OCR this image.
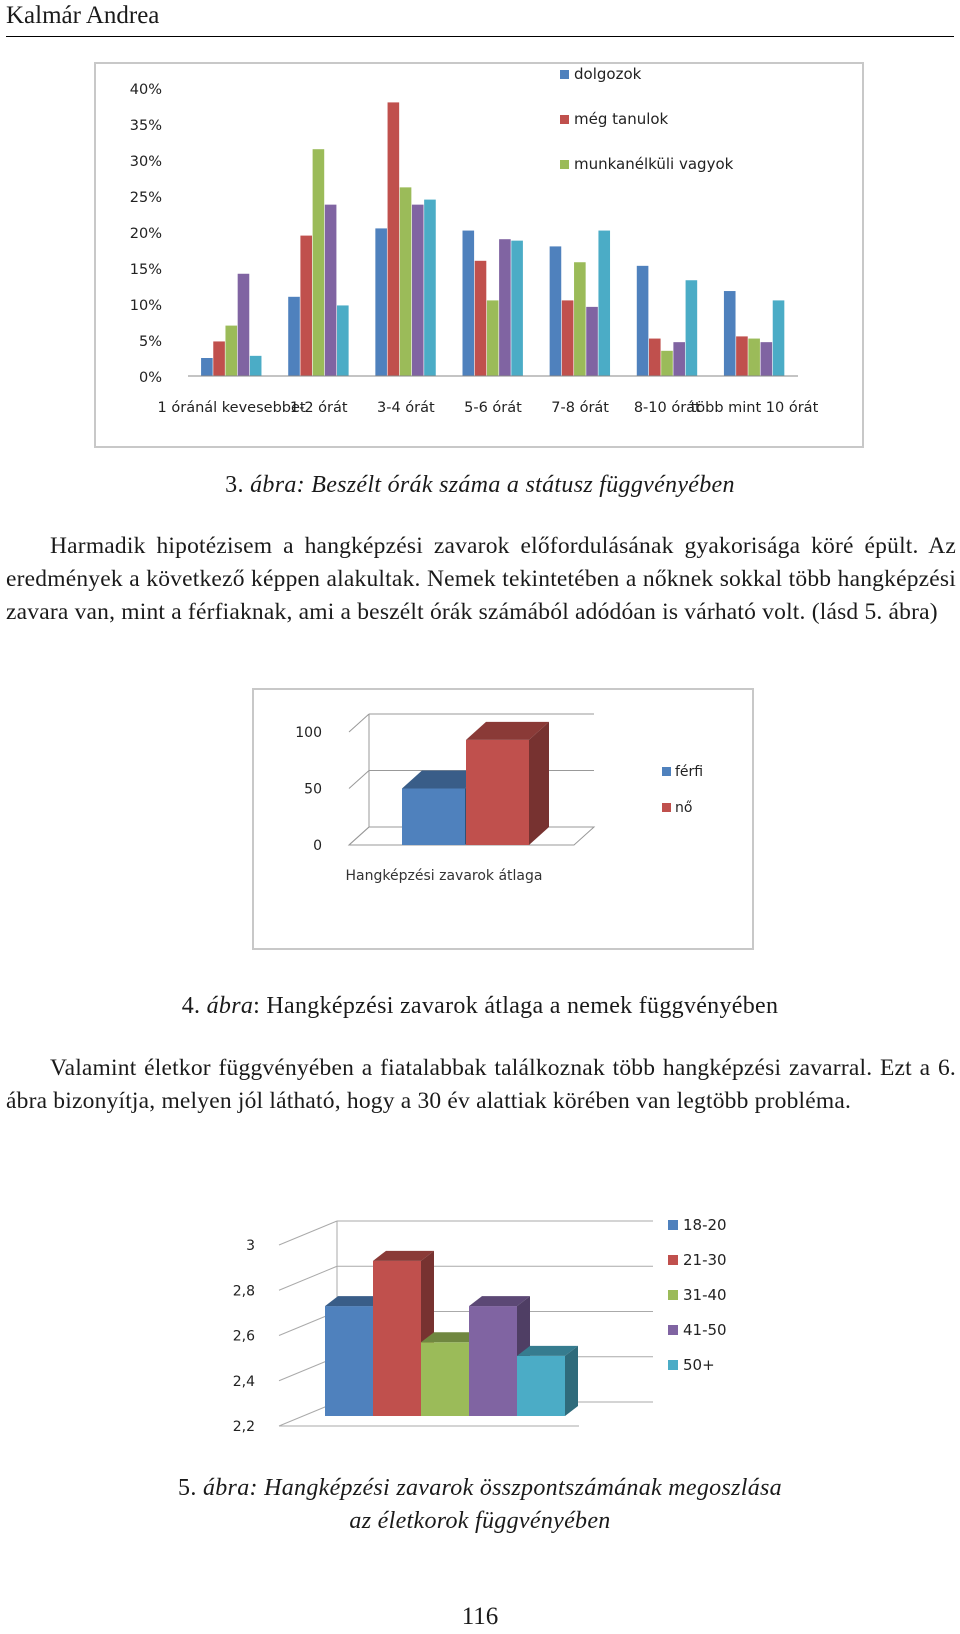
Kalmár Andrea
0%
5%
10%
15%
20%
25%
30%
35%
40%
1 óránál kevesebbet
1-2 órát 3-4 órát 5-6 órát 7-8 órát 8-10 órát
több mint 10 órát
dolgozok
még tanulok
munkanélküli vagyok
3. ábra: Beszélt órák száma a státusz függvényében

Harmadik hipotézisem a hangképzési zavarok előfordulásának gyakorisága köré épült. Az eredmények a következő képpen alakultak. Nemek tekintetében a nőknek sokkal több hangképzési zavara van, mint a férfiaknak, ami a beszélt órák számából adódóan is várható volt. (lásd 5. ábra)

0
50
100
Hangképzési zavarok átlaga
férfi
nő
4. ábra: Hangképzési zavarok átlaga a nemek függvényében

Valamint életkor függvényében a fiatalabbak találkoznak több hangképzési zavarral. Ezt a 6. ábra bizonyítja, melyen jól látható, hogy a 30 év alattiak körében van legtöbb probléma.

2,2
2,4
2,6
2,8
3
18-20
21-30
31-40
41-50
50+
5. ábra: Hangképzési zavarok összpontszámának megoszlása
az életkorok függvényében
116
